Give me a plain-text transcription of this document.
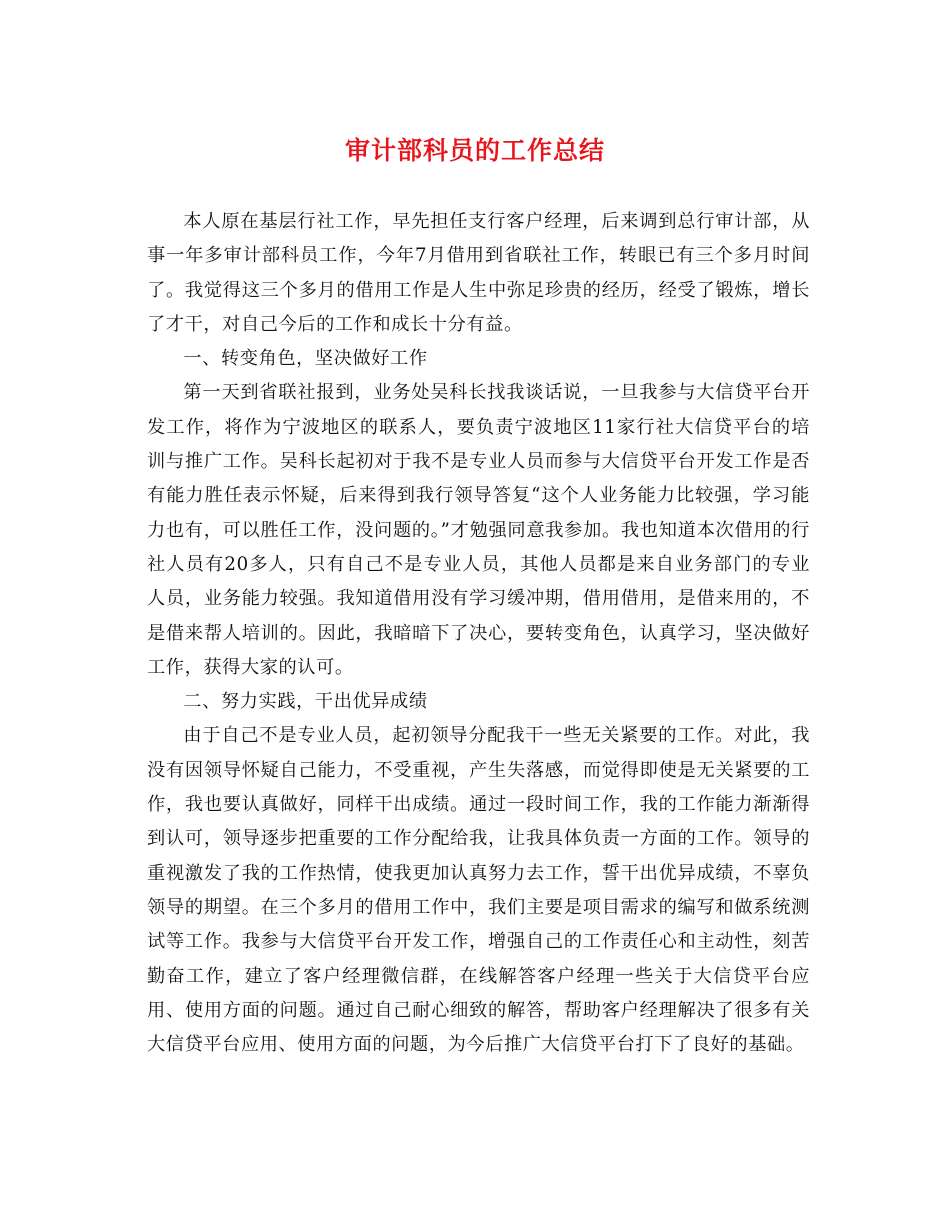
审计部科员的工作总结

本人原在基层行社工作，早先担任支行客户经理，后来调到总行审计部，从事一年多审计部科员工作，今年7月借用到省联社工作，转眼已有三个多月时间了。我觉得这三个多月的借用工作是人生中弥足珍贵的经历，经受了锻炼，增长了才干，对自己今后的工作和成长十分有益。

一、转变角色，坚决做好工作

第一天到省联社报到，业务处吴科长找我谈话说，一旦我参与大信贷平台开发工作，将作为宁波地区的联系人，要负责宁波地区11家行社大信贷平台的培训与推广工作。吴科长起初对于我不是专业人员而参与大信贷平台开发工作是否有能力胜任表示怀疑，后来得到我行领导答复“这个人业务能力比较强，学习能力也有，可以胜任工作，没问题的。”才勉强同意我参加。我也知道本次借用的行社人员有20多人，只有自己不是专业人员，其他人员都是来自业务部门的专业人员，业务能力较强。我知道借用没有学习缓冲期，借用借用，是借来用的，不是借来帮人培训的。因此，我暗暗下了决心，要转变角色，认真学习，坚决做好工作，获得大家的认可。

二、努力实践，干出优异成绩

由于自己不是专业人员，起初领导分配我干一些无关紧要的工作。对此，我没有因领导怀疑自己能力，不受重视，产生失落感，而觉得即使是无关紧要的工作，我也要认真做好，同样干出成绩。通过一段时间工作，我的工作能力渐渐得到认可，领导逐步把重要的工作分配给我，让我具体负责一方面的工作。领导的重视激发了我的工作热情，使我更加认真努力去工作，誓干出优异成绩，不辜负领导的期望。在三个多月的借用工作中，我们主要是项目需求的编写和做系统测试等工作。我参与大信贷平台开发工作，增强自己的工作责任心和主动性，刻苦勤奋工作，建立了客户经理微信群，在线解答客户经理一些关于大信贷平台应用、使用方面的问题。通过自己耐心细致的解答，帮助客户经理解决了很多有关大信贷平台应用、使用方面的问题，为今后推广大信贷平台打下了良好的基础。
